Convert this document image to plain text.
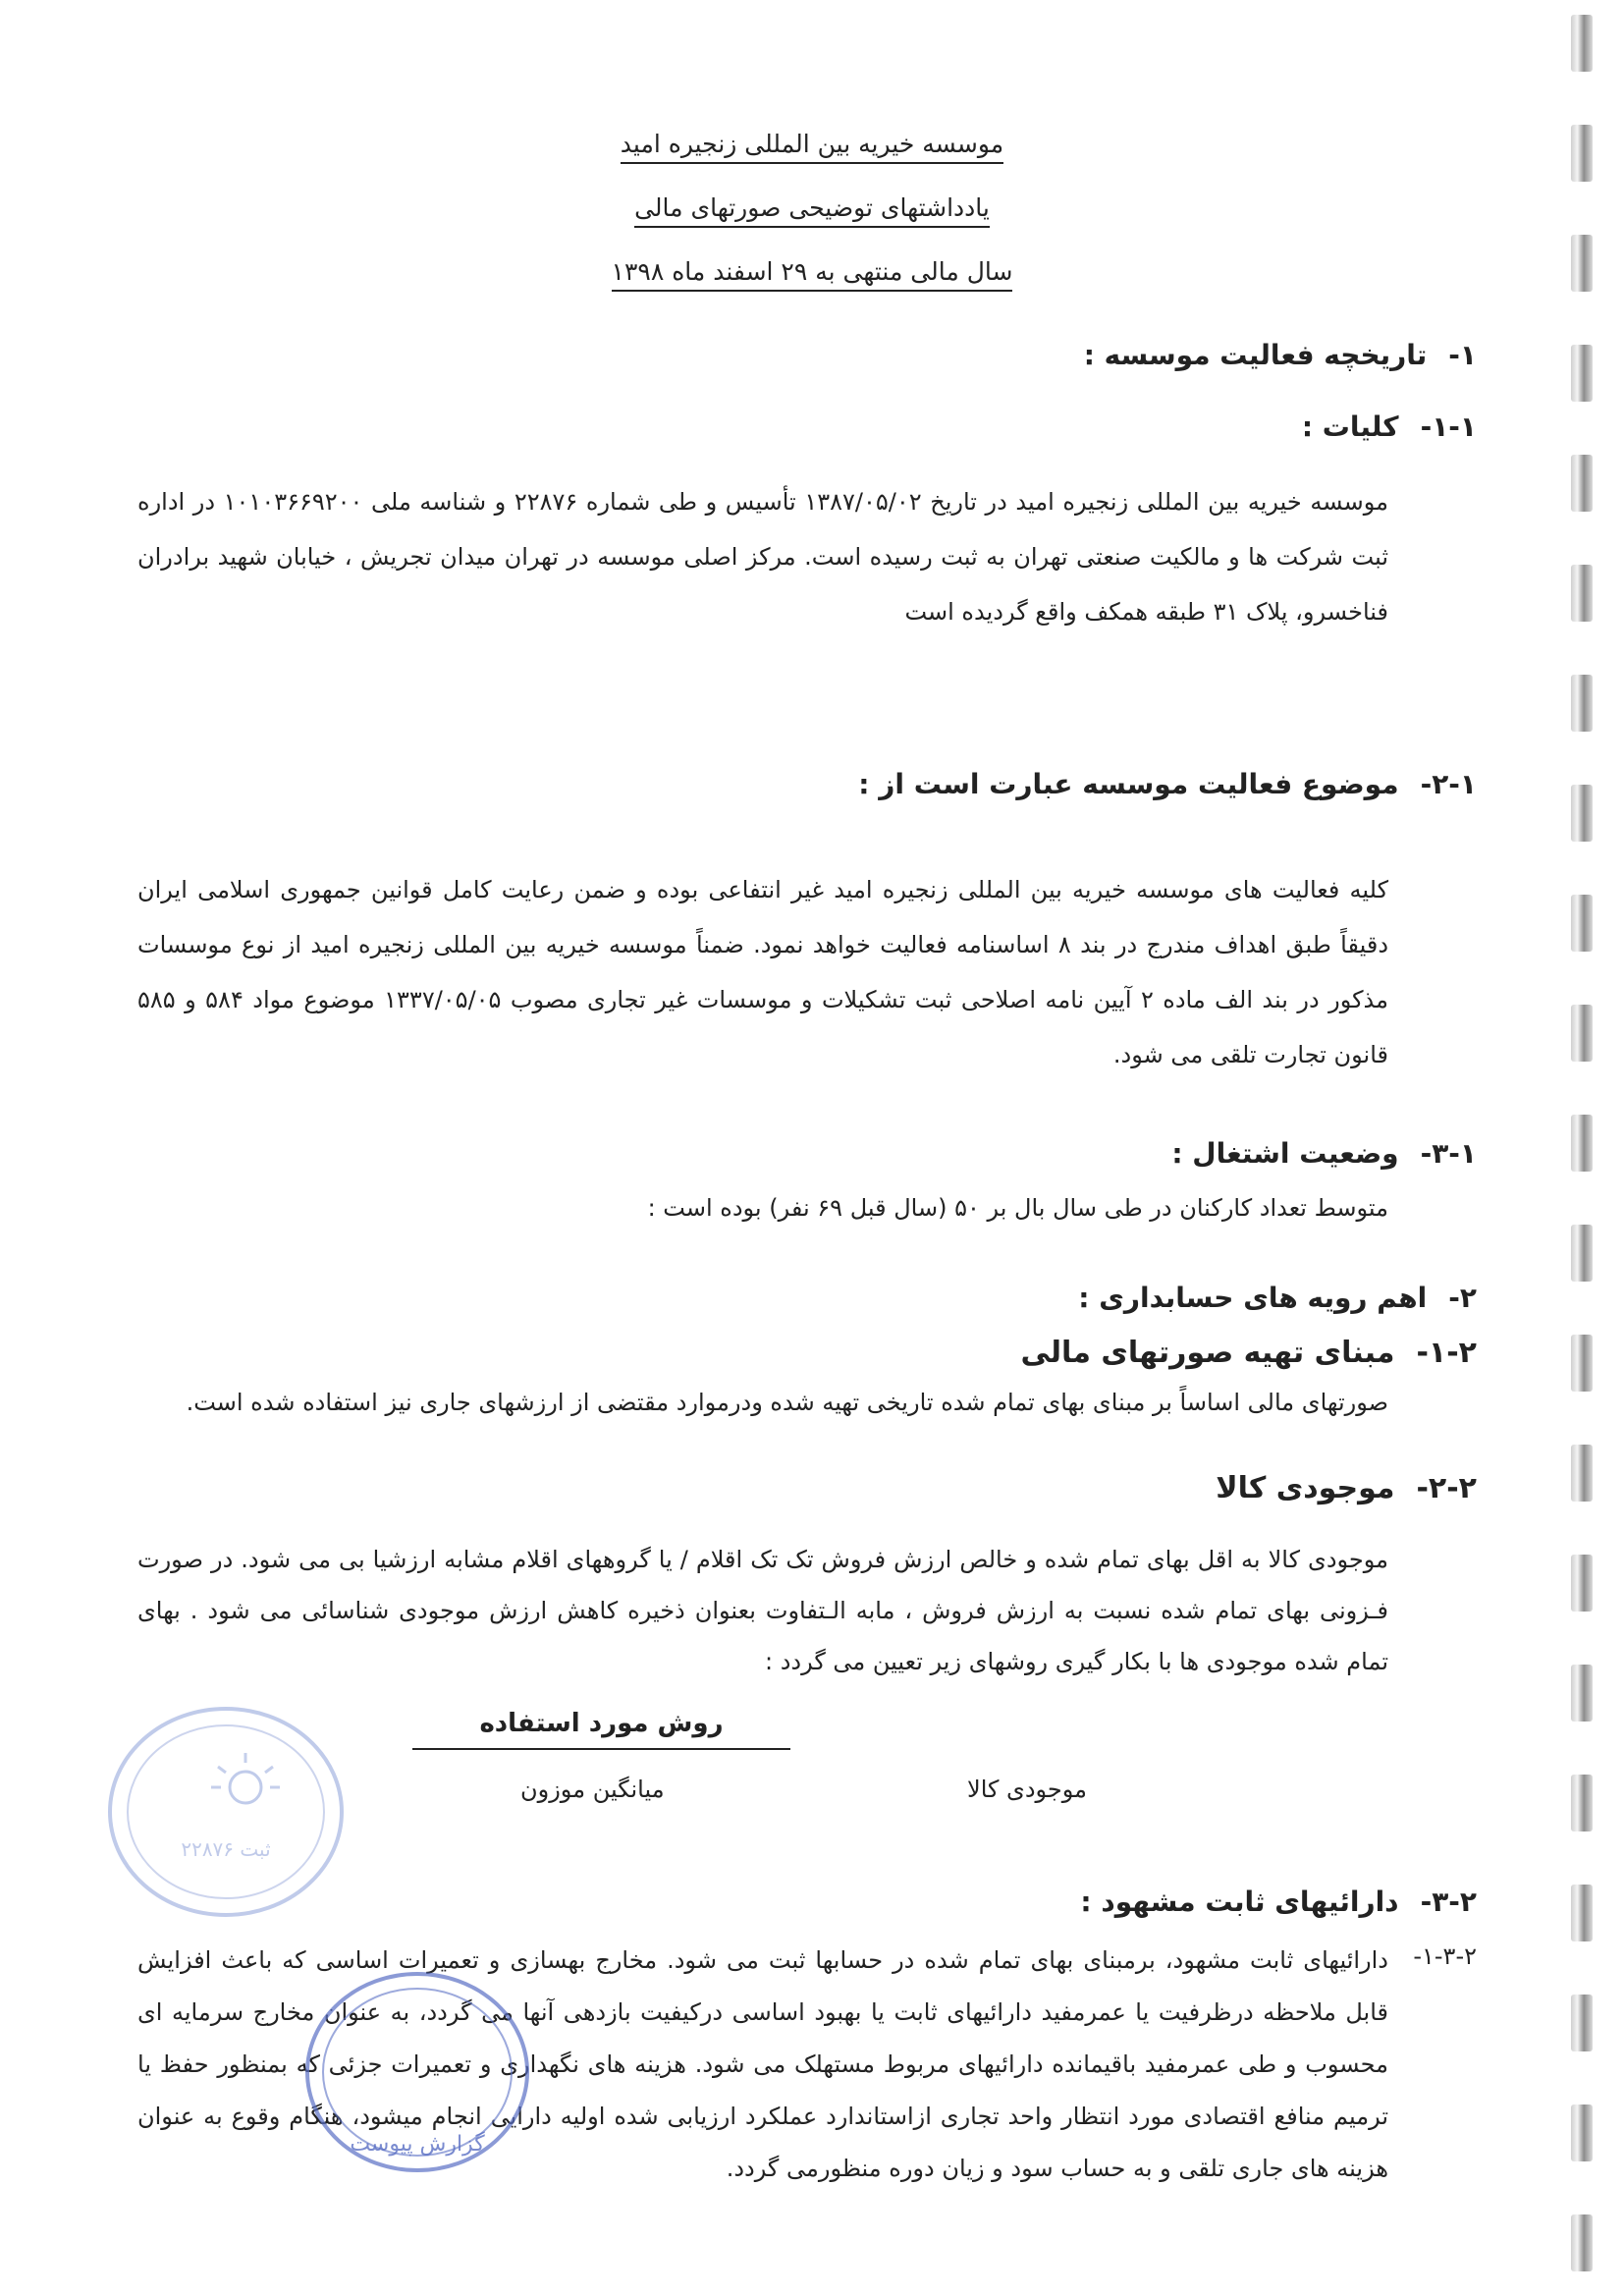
موسسه خیریه بین المللی زنجیره امید
یادداشتهای توضیحی صورتهای مالی
سال مالی منتهی به ۲۹ اسفند ماه ۱۳۹۸
۱-تاریخچه فعالیت موسسه :
۱-۱-کلیات :
موسسه خیریه بین المللی زنجیره امید در تاریخ ۱۳۸۷/۰۵/۰۲ تأسیس و طی شماره ۲۲۸۷۶ و شناسه ملی ۱۰۱۰۳۶۶۹۲۰۰ در اداره ثبت شرکت ها و مالکیت صنعتی تهران به ثبت رسیده است. مرکز اصلی موسسه در تهران میدان تجریش ، خیابان شهید برادران فناخسرو، پلاک ۳۱ طبقه همکف واقع گردیده است
۲-۱-موضوع فعالیت موسسه عبارت است از :
کلیه فعالیت های موسسه خیریه بین المللی زنجیره امید غیر انتفاعی بوده و ضمن رعایت کامل قوانین جمهوری اسلامی ایران دقیقاً طبق اهداف مندرج در بند ۸ اساسنامه فعالیت خواهد نمود. ضمناً موسسه خیریه بین المللی زنجیره امید از نوع موسسات مذکور در بند الف ماده ۲ آیین نامه اصلاحی ثبت تشکیلات و موسسات غیر تجاری مصوب ۱۳۳۷/۰۵/۰۵ موضوع مواد ۵۸۴ و ۵۸۵ قانون تجارت تلقی می شود.
۳-۱-وضعیت اشتغال :
متوسط تعداد کارکنان در طی سال بال بر ۵۰ (سال قبل ۶۹ نفر) بوده است :
۲-اهم رویه های حسابداری :
۱-۲-مبنای تهیه صورتهای مالی
صورتهای مالی اساساً بر مبنای بهای تمام شده تاریخی تهیه شده ودرموارد مقتضی از ارزشهای جاری نیز استفاده شده است.
۲-۲-موجودی کالا
موجودی کالا به اقل بهای تمام شده و خالص ارزش فروش تک تک اقلام / یا گروههای اقلام مشابه ارزشیا بی می شود. در صورت فـزونی بهای تمام شده نسبت به ارزش فروش ، مابه الـتفاوت بعنوان ذخیره کاهش ارزش موجودی شناسائی می شود . بهای تمام شده موجودی ها با بکار گیری روشهای زیر تعیین می گردد :
روش مورد استفاده
میانگین موزون	موجودی کالا
۳-۲-دارائیهای ثابت مشهود :
۱-۳-۲-
دارائیهای ثابت مشهود، برمبنای بهای تمام شده در حسابها ثبت می شود. مخارج بهسازی و تعمیرات اساسی که باعث افزایش قابل ملاحظه درظرفیت یا عمرمفید دارائیهای ثابت یا بهبود اساسی درکیفیت بازدهی آنها می گردد، به عنوان مخارج سرمایه ای محسوب و طی عمرمفید باقیمانده دارائیهای مربوط مستهلک می شود. هزینه های نگهداری و تعمیرات جزئی که بمنظور حفظ یا ترمیم منافع اقتصادی مورد انتظار واحد تجاری ازاستاندارد عملکرد ارزیابی شده اولیه دارایی انجام میشود، هنگام وقوع به عنوان هزینه های جاری تلقی و به حساب سود و زیان دوره منظورمی گردد.
ثبت ۲۲۸۷۶
گزارش پیوست
